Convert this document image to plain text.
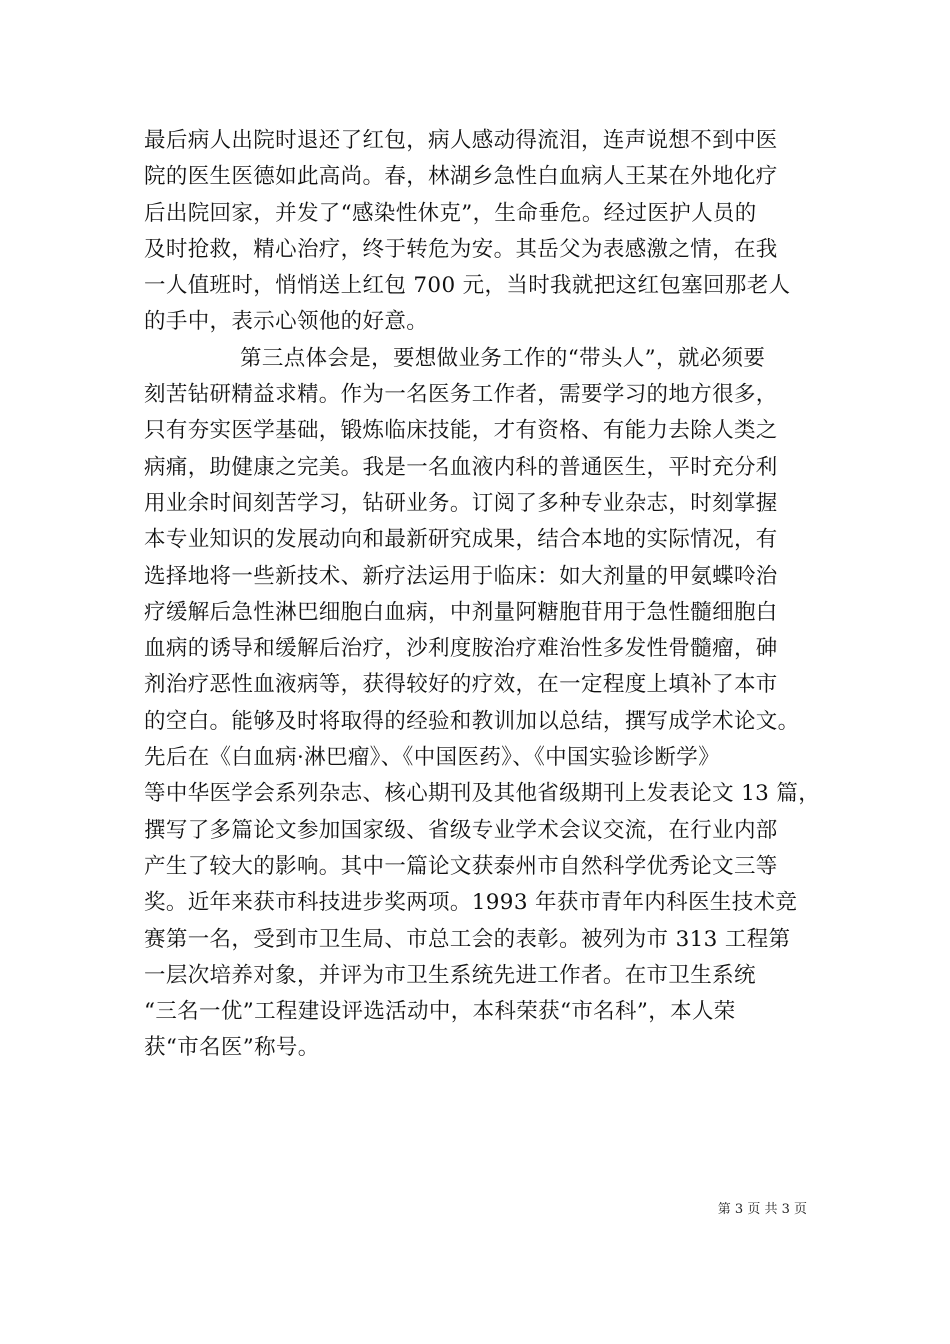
最后病人出院时退还了红包，病人感动得流泪，连声说想不到中医
院的医生医德如此高尚。春，林湖乡急性白血病人王某在外地化疗
后出院回家，并发了“感染性休克”，生命垂危。经过医护人员的
及时抢救，精心治疗，终于转危为安。其岳父为表感激之情，在我
一人值班时，悄悄送上红包 700 元，当时我就把这红包塞回那老人
的手中，表示心领他的好意。
第三点体会是，要想做业务工作的“带头人”，就必须要
刻苦钻研精益求精。作为一名医务工作者，需要学习的地方很多，
只有夯实医学基础，锻炼临床技能，才有资格、有能力去除人类之
病痛，助健康之完美。我是一名血液内科的普通医生，平时充分利
用业余时间刻苦学习，钻研业务。订阅了多种专业杂志，时刻掌握
本专业知识的发展动向和最新研究成果，结合本地的实际情况，有
选择地将一些新技术、新疗法运用于临床：如大剂量的甲氨蝶呤治
疗缓解后急性淋巴细胞白血病，中剂量阿糖胞苷用于急性髓细胞白
血病的诱导和缓解后治疗，沙利度胺治疗难治性多发性骨髓瘤，砷
剂治疗恶性血液病等，获得较好的疗效，在一定程度上填补了本市
的空白。能够及时将取得的经验和教训加以总结，撰写成学术论文。
先后在《白血病·淋巴瘤》、《中国医药》、《中国实验诊断学》
等中华医学会系列杂志、核心期刊及其他省级期刊上发表论文 13 篇，
撰写了多篇论文参加国家级、省级专业学术会议交流，在行业内部
产生了较大的影响。其中一篇论文获泰州市自然科学优秀论文三等
奖。近年来获市科技进步奖两项。1993 年获市青年内科医生技术竞
赛第一名，受到市卫生局、市总工会的表彰。被列为市 313 工程第
一层次培养对象，并评为市卫生系统先进工作者。在市卫生系统
“三名一优”工程建设评选活动中，本科荣获“市名科”，本人荣
获“市名医”称号。
第 3 页 共 3 页
